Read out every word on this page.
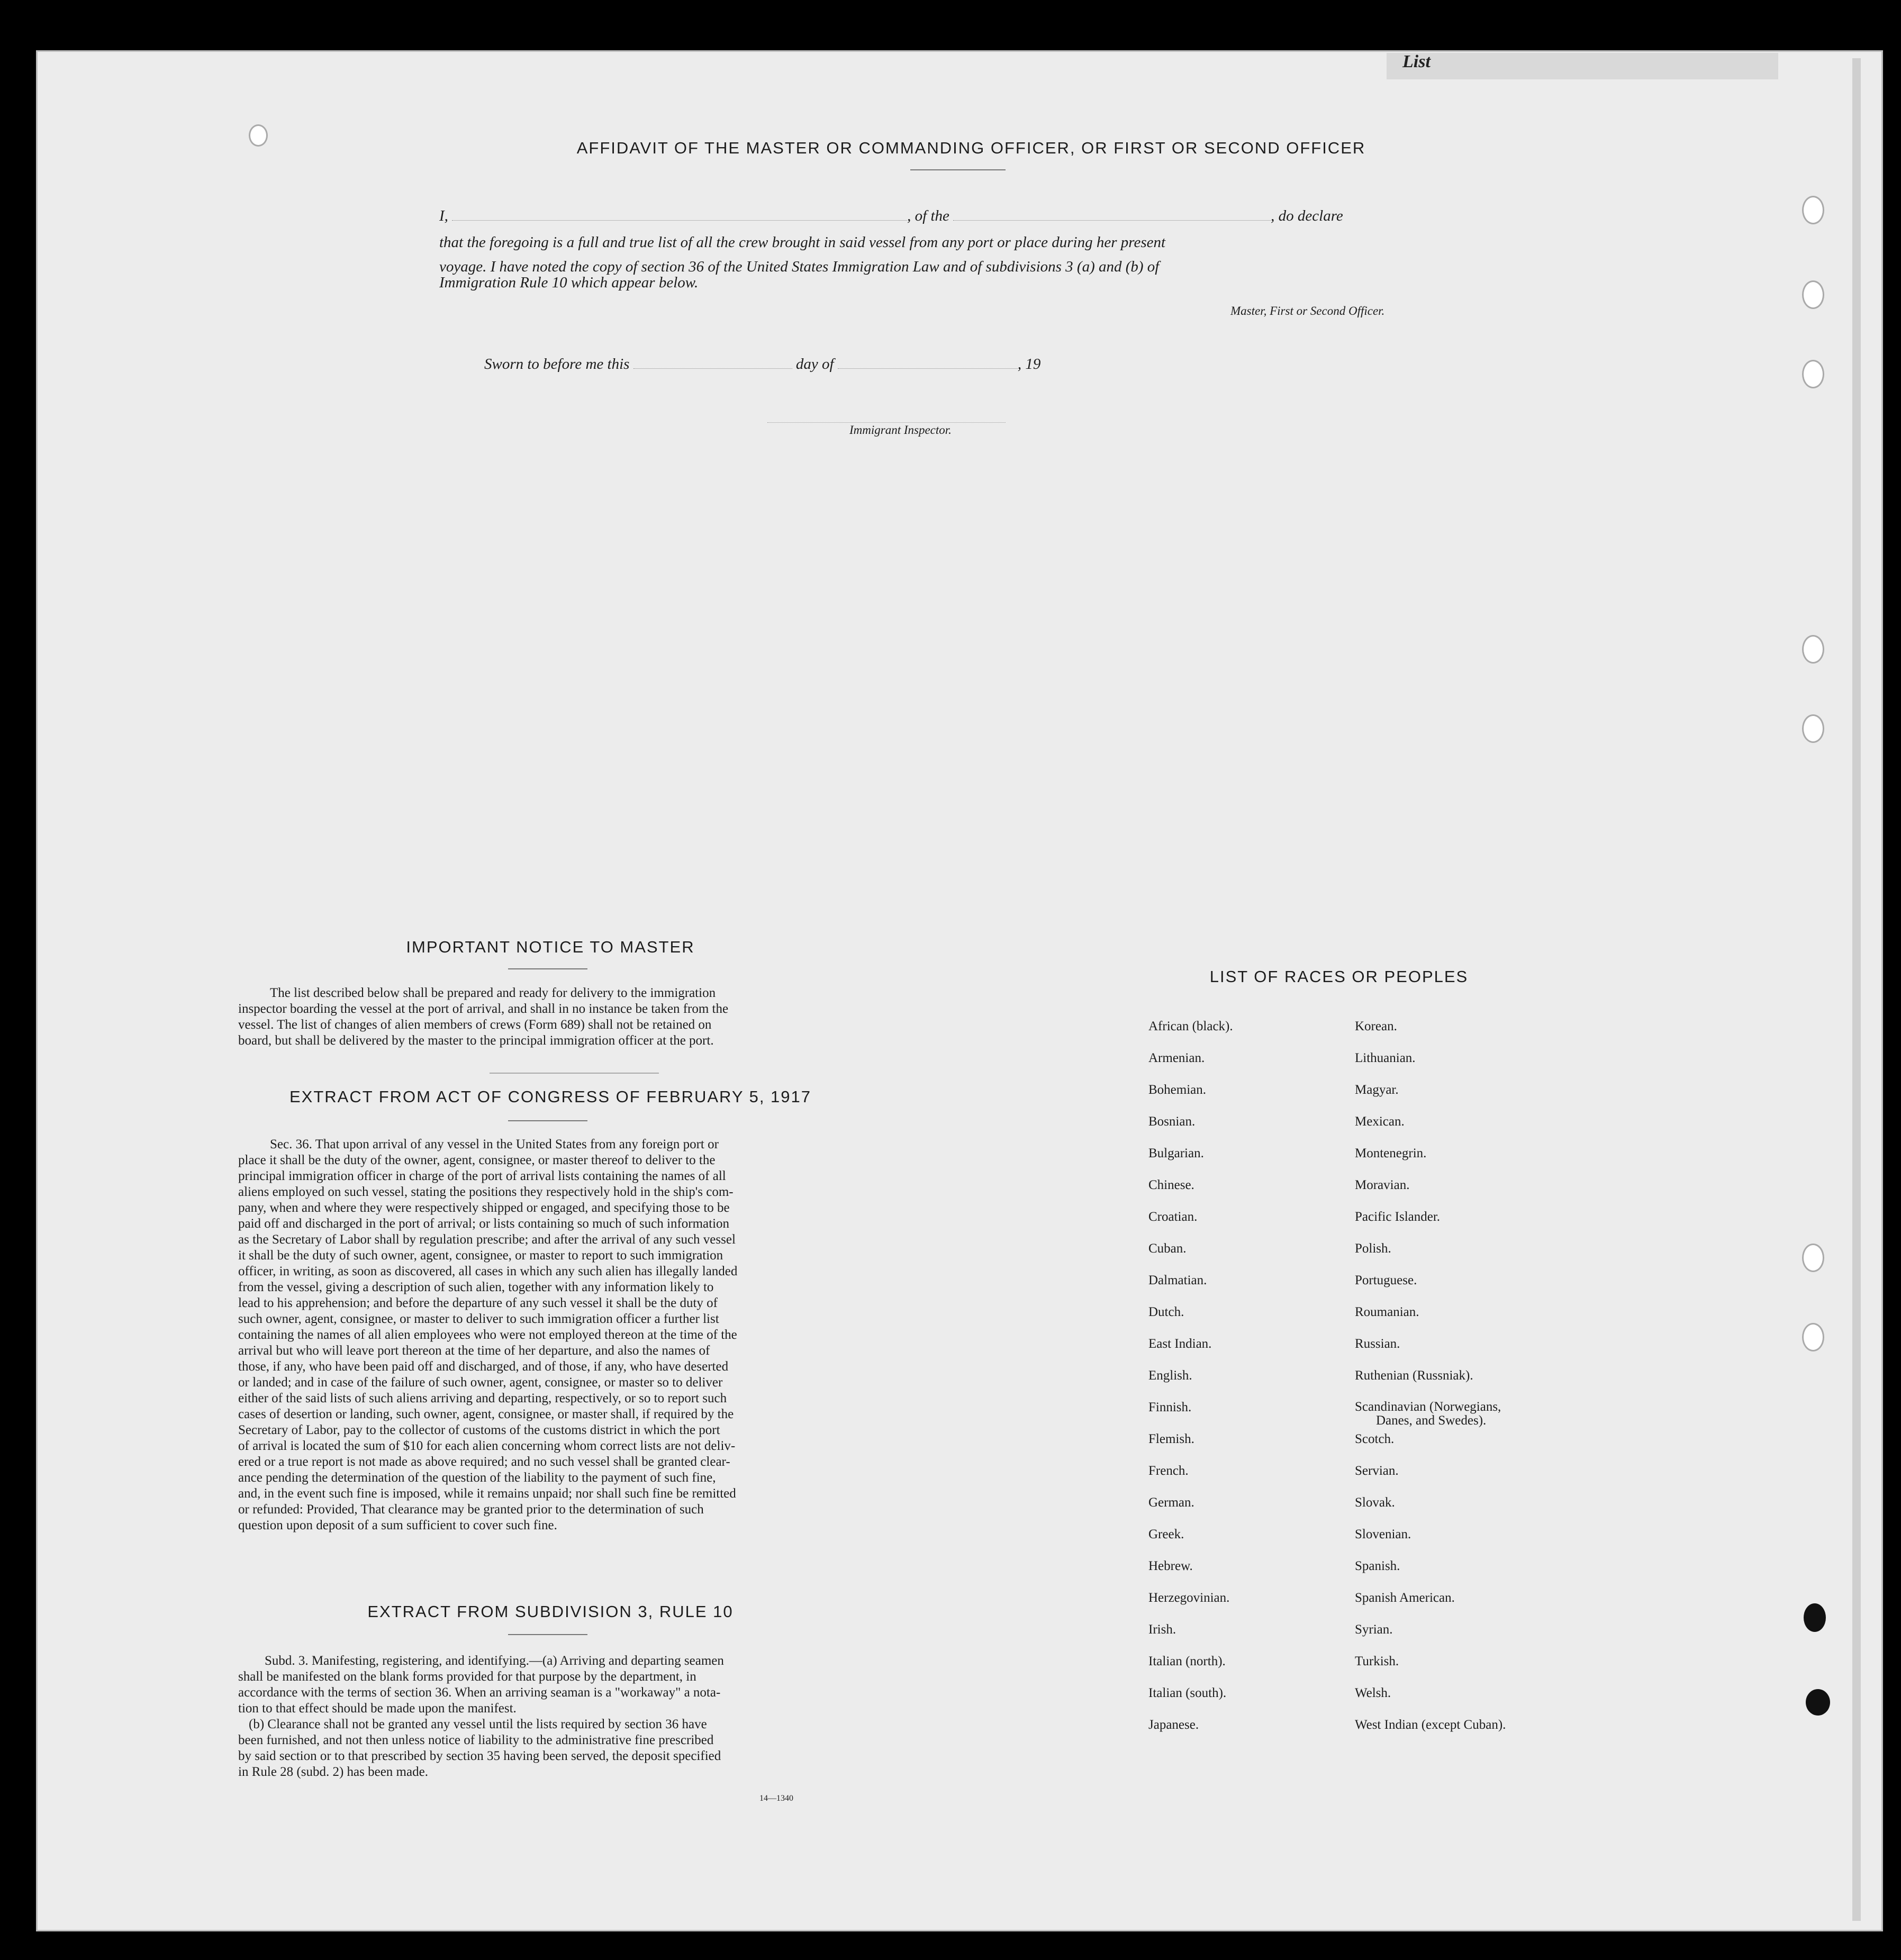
List
AFFIDAVIT OF THE MASTER OR COMMANDING OFFICER, OR FIRST OR SECOND OFFICER
I,	, of the	, do declare
that the foregoing is a full and true list of all the crew brought in said vessel from any port or place during her present
voyage. I have noted the copy of section 36 of the United States Immigration Law and of subdivisions 3 (a) and (b) of
Immigration Rule 10 which appear below.
Master, First or Second Officer.
Sworn to before me this	day of	, 19
Immigrant Inspector.
IMPORTANT NOTICE TO MASTER
The list described below shall be prepared and ready for delivery to the immigration
inspector boarding the vessel at the port of arrival, and shall in no instance be taken from the
vessel. The list of changes of alien members of crews (Form 689) shall not be retained on
board, but shall be delivered by the master to the principal immigration officer at the port.
EXTRACT FROM ACT OF CONGRESS OF FEBRUARY 5, 1917
Sec. 36. That upon arrival of any vessel in the United States from any foreign port or
place it shall be the duty of the owner, agent, consignee, or master thereof to deliver to the
principal immigration officer in charge of the port of arrival lists containing the names of all
aliens employed on such vessel, stating the positions they respectively hold in the ship's com-
pany, when and where they were respectively shipped or engaged, and specifying those to be
paid off and discharged in the port of arrival; or lists containing so much of such information
as the Secretary of Labor shall by regulation prescribe; and after the arrival of any such vessel
it shall be the duty of such owner, agent, consignee, or master to report to such immigration
officer, in writing, as soon as discovered, all cases in which any such alien has illegally landed
from the vessel, giving a description of such alien, together with any information likely to
lead to his apprehension; and before the departure of any such vessel it shall be the duty of
such owner, agent, consignee, or master to deliver to such immigration officer a further list
containing the names of all alien employees who were not employed thereon at the time of the
arrival but who will leave port thereon at the time of her departure, and also the names of
those, if any, who have been paid off and discharged, and of those, if any, who have deserted
or landed; and in case of the failure of such owner, agent, consignee, or master so to deliver
either of the said lists of such aliens arriving and departing, respectively, or so to report such
cases of desertion or landing, such owner, agent, consignee, or master shall, if required by the
Secretary of Labor, pay to the collector of customs of the customs district in which the port
of arrival is located the sum of $10 for each alien concerning whom correct lists are not deliv-
ered or a true report is not made as above required; and no such vessel shall be granted clear-
ance pending the determination of the question of the liability to the payment of such fine,
and, in the event such fine is imposed, while it remains unpaid; nor shall such fine be remitted
or refunded: Provided, That clearance may be granted prior to the determination of such
question upon deposit of a sum sufficient to cover such fine.
EXTRACT FROM SUBDIVISION 3, RULE 10
Subd. 3. Manifesting, registering, and identifying.—(a) Arriving and departing seamen
shall be manifested on the blank forms provided for that purpose by the department, in
accordance with the terms of section 36. When an arriving seaman is a "workaway" a nota-
tion to that effect should be made upon the manifest.
(b) Clearance shall not be granted any vessel until the lists required by section 36 have
been furnished, and not then unless notice of liability to the administrative fine prescribed
by said section or to that prescribed by section 35 having been served, the deposit specified
in Rule 28 (subd. 2) has been made.
14—1340
LIST OF RACES OR PEOPLES
African (black).
Armenian.
Bohemian.
Bosnian.
Bulgarian.
Chinese.
Croatian.
Cuban.
Dalmatian.
Dutch.
East Indian.
English.
Finnish.
Flemish.
French.
German.
Greek.
Hebrew.
Herzegovinian.
Irish.
Italian (north).
Italian (south).
Japanese.
Korean.
Lithuanian.
Magyar.
Mexican.
Montenegrin.
Moravian.
Pacific Islander.
Polish.
Portuguese.
Roumanian.
Russian.
Ruthenian (Russniak).
Scandinavian (Norwegians,
Danes, and Swedes).
Scotch.
Servian.
Slovak.
Slovenian.
Spanish.
Spanish American.
Syrian.
Turkish.
Welsh.
West Indian (except Cuban).
